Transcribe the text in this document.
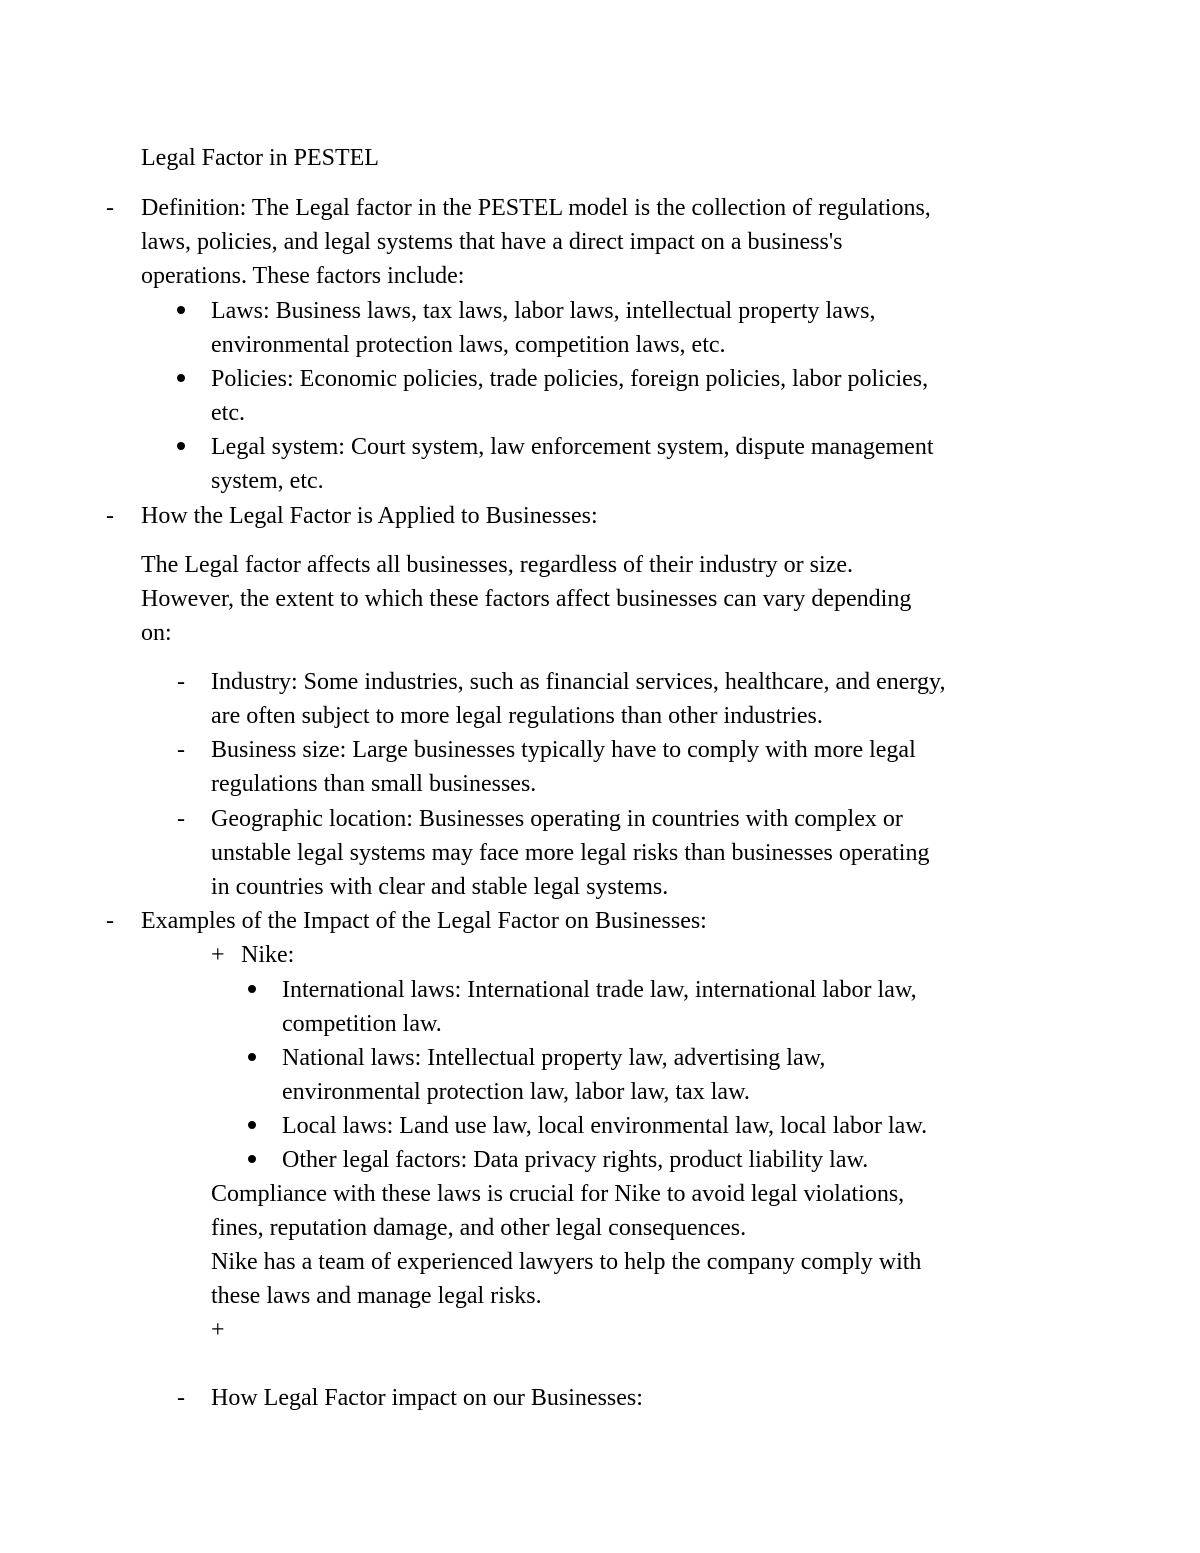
Legal Factor in PESTEL
- Definition: The Legal factor in the PESTEL model is the collection of regulations,
laws, policies, and legal systems that have a direct impact on a business's
operations. These factors include:
Laws: Business laws, tax laws, labor laws, intellectual property laws,
environmental protection laws, competition laws, etc.
Policies: Economic policies, trade policies, foreign policies, labor policies,
etc.
Legal system: Court system, law enforcement system, dispute management
system, etc.
- How the Legal Factor is Applied to Businesses:
The Legal factor affects all businesses, regardless of their industry or size.
However, the extent to which these factors affect businesses can vary depending
on:
- Industry: Some industries, such as financial services, healthcare, and energy,
are often subject to more legal regulations than other industries.
- Business size: Large businesses typically have to comply with more legal
regulations than small businesses.
- Geographic location: Businesses operating in countries with complex or
unstable legal systems may face more legal risks than businesses operating
in countries with clear and stable legal systems.
- Examples of the Impact of the Legal Factor on Businesses:
+ Nike:
International laws: International trade law, international labor law,
competition law.
National laws: Intellectual property law, advertising law,
environmental protection law, labor law, tax law.
Local laws: Land use law, local environmental law, local labor law.
Other legal factors: Data privacy rights, product liability law.
Compliance with these laws is crucial for Nike to avoid legal violations,
fines, reputation damage, and other legal consequences.
Nike has a team of experienced lawyers to help the company comply with
these laws and manage legal risks.
+
- How Legal Factor impact on our Businesses:
